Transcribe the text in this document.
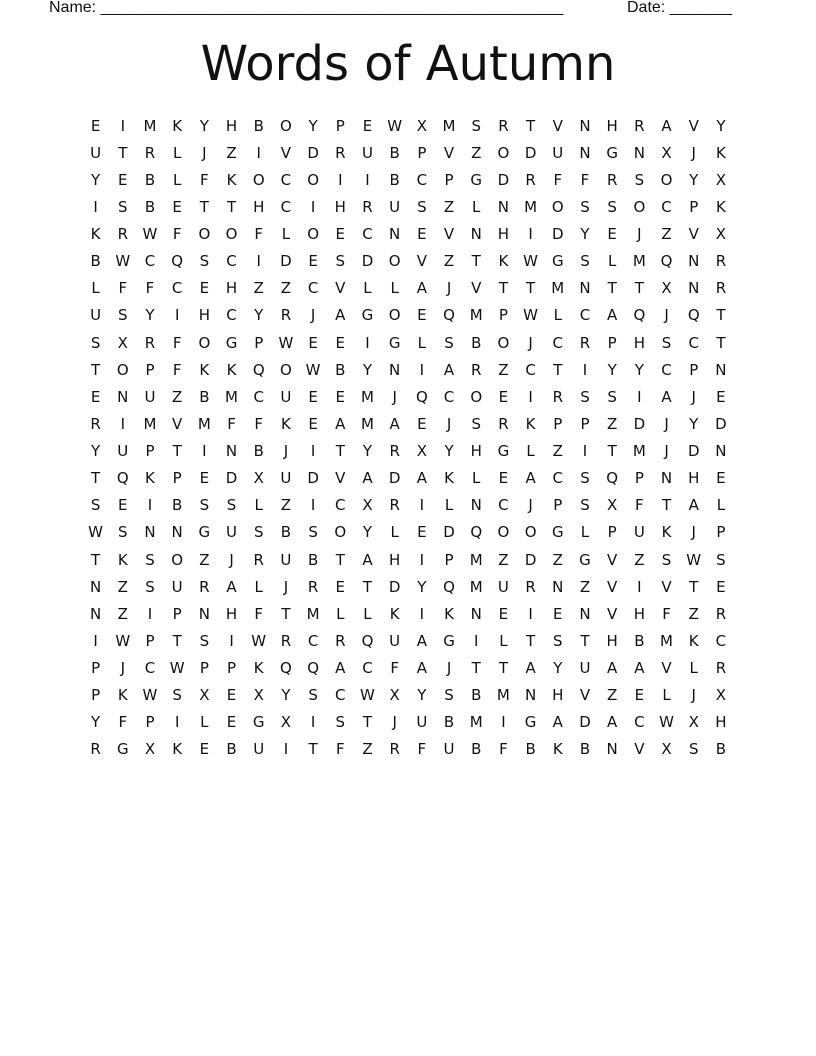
Name: ____________________________________________________	Date: _______
Words of Autumn
E	I	M	K	Y	H	B	O	Y	P	E	W X	M	S	R	T	V	N	H	R	A	V	Y
U	T	R	L	J	Z	I	V	D	R	U	B	P	V	Z	O	D	U	N	G	N	X	J	K
Y	E	B	L	F	K	O	C	O	I	I	B	C	P	G	D	R	F	F	R	S	O	Y	X
I	S	B	E	T	T	H	C	I	H	R	U	S	Z	L	N	M O	S	S	O	C	P	K
K	R W	F	O	O	F	L	O	E	C	N	E	V	N	H	I	D	Y	E	J	Z	V	X
B W C	Q	S	C	I	D	E	S	D	O	V	Z	T	K W G	S	L	M Q	N	R
L	F	F	C	E	H	Z	Z	C	V	L	L	A	J	V	T	T	M	N	T	T	X	N	R
U	S	Y	I	H	C	Y	R	J	A	G	O	E	Q M	P	W	L	C	A	Q	J	Q	T
S	X	R	F	O	G	P	W	E	E	I	G	L	S	B	O	J	C	R	P	H	S	C	T
T	O	P	F	K	K	Q	O W B	Y	N	I	A	R	Z	C	T	I	Y	Y	C	P	N
E	N	U	Z	B	M	C	U	E	E	M	J	Q	C	O	E	I	R	S	S	I	A	J	E
R	I	M	V	M	F	F	K	E	A	M	A	E	J	S	R	K	P	P	Z	D	J	Y	D
Y	U	P	T	I	N	B	J	I	T	Y	R	X	Y	H	G	L	Z	I	T	M	J	D	N
T	Q	K	P	E	D	X	U	D	V	A	D	A	K	L	E	A	C	S	Q	P	N	H	E
S	E	I	B	S	S	L	Z	I	C	X	R	I	L	N	C	J	P	S	X	F	T	A	L
W	S	N	N	G	U	S	B	S	O	Y	L	E	D	Q	O	O	G	L	P	U	K	J	P
T	K	S	O	Z	J	R	U	B	T	A	H	I	P	M	Z	D	Z	G	V	Z	S	W	S
N	Z	S	U	R	A	L	J	R	E	T	D	Y	Q M	U	R	N	Z	V	I	V	T	E
N	Z	I	P	N	H	F	T	M	L	L	K	I	K	N	E	I	E	N	V	H	F	Z	R
I	W	P	T	S	I	W R	C	R	Q	U	A	G	I	L	T	S	T	H	B	M	K	C
P	J	C W	P	P	K	Q	Q	A	C	F	A	J	T	T	A	Y	U	A	A	V	L	R
P	K W	S	X	E	X	Y	S	C W X	Y	S	B	M	N	H	V	Z	E	L	J	X
Y	F	P	I	L	E	G	X	I	S	T	J	U	B	M	I	G	A	D	A	C W X	H
R	G	X	K	E	B	U	I	T	F	Z	R	F	U	B	F	B	K	B	N	V	X	S	B
